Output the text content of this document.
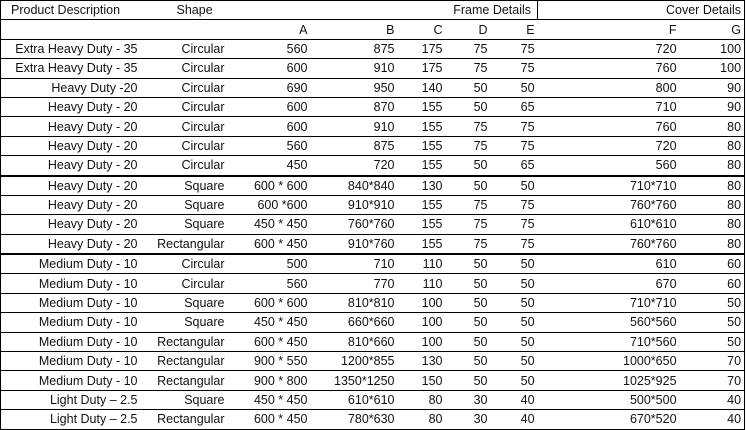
Product Description	Shape	Frame Details					Cover Details	
		A	B	C	D	E	F	G
Extra Heavy Duty - 35	Circular	560	875	175	75	75	720	100
Extra Heavy Duty - 35	Circular	600	910	175	75	75	760	100
Heavy Duty -20	Circular	690	950	140	50	50	800	90
Heavy Duty - 20	Circular	600	870	155	50	65	710	90
Heavy Duty - 20	Circular	600	910	155	75	75	760	80
Heavy Duty - 20	Circular	560	875	155	75	75	720	80
Heavy Duty - 20	Circular	450	720	155	50	65	560	80
Heavy Duty - 20	Square	600 * 600	840*840	130	50	50	710*710	80
Heavy Duty - 20	Square	600 *600	910*910	155	75	75	760*760	80
Heavy Duty - 20	Square	450 * 450	760*760	155	75	75	610*610	80
Heavy Duty - 20	Rectangular	600 * 450	910*760	155	75	75	760*760	80
Medium Duty - 10	Circular	500	710	110	50	50	610	60
Medium Duty - 10	Circular	560	770	110	50	50	670	60
Medium Duty - 10	Square	600 * 600	810*810	100	50	50	710*710	50
Medium Duty - 10	Square	450 * 450	660*660	100	50	50	560*560	50
Medium Duty - 10	Rectangular	600 * 450	810*660	100	50	50	710*560	50
Medium Duty - 10	Rectangular	900 * 550	1200*855	130	50	50	1000*650	70
Medium Duty - 10	Rectangular	900 * 800	1350*1250	150	50	50	1025*925	70
Light Duty – 2.5	Square	450 * 450	610*610	80	30	40	500*500	40
Light Duty – 2.5	Rectangular	600 * 450	780*630	80	30	40	670*520	40
